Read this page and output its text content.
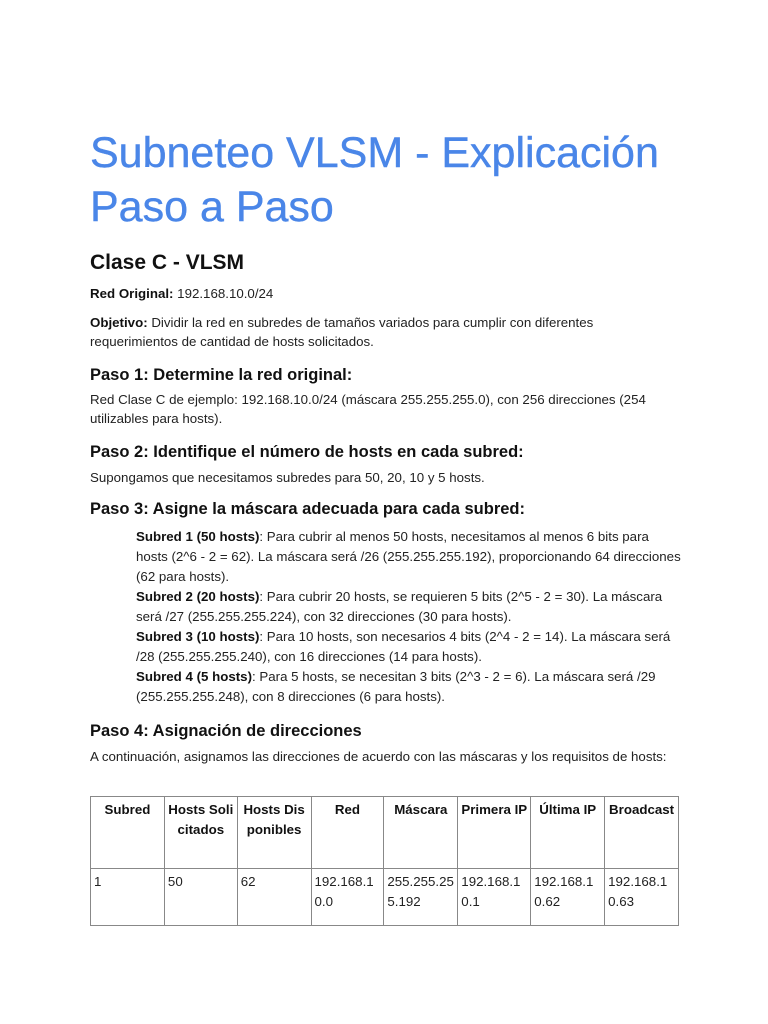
Subneteo VLSM - Explicación Paso a Paso
Clase C - VLSM

Red Original: 192.168.10.0/24

Objetivo: Dividir la red en subredes de tamaños variados para cumplir con diferentes requerimientos de cantidad de hosts solicitados.

Paso 1: Determine la red original:

Red Clase C de ejemplo: 192.168.10.0/24 (máscara 255.255.255.0), con 256 direcciones (254 utilizables para hosts).

Paso 2: Identifique el número de hosts en cada subred:

Supongamos que necesitamos subredes para 50, 20, 10 y 5 hosts.

Paso 3: Asigne la máscara adecuada para cada subred:
Subred 1 (50 hosts): Para cubrir al menos 50 hosts, necesitamos al menos 6 bits para hosts (2^6 - 2 = 62). La máscara será /26 (255.255.255.192), proporcionando 64 direcciones (62 para hosts).
Subred 2 (20 hosts): Para cubrir 20 hosts, se requieren 5 bits (2^5 - 2 = 30). La máscara será /27 (255.255.255.224), con 32 direcciones (30 para hosts).
Subred 3 (10 hosts): Para 10 hosts, son necesarios 4 bits (2^4 - 2 = 14). La máscara será /28 (255.255.255.240), con 16 direcciones (14 para hosts).
Subred 4 (5 hosts): Para 5 hosts, se necesitan 3 bits (2^3 - 2 = 6). La máscara será /29 (255.255.255.248), con 8 direcciones (6 para hosts).
Paso 4: Asignación de direcciones

A continuación, asignamos las direcciones de acuerdo con las máscaras y los requisitos de hosts:

Subred	Hosts Solicitados	Hosts Disponibles	Red	Máscara	Primera IP	Última IP	Broadcast
1	50	62	192.168.10.0	255.255.255.192	192.168.10.1	192.168.10.62	192.168.10.63
